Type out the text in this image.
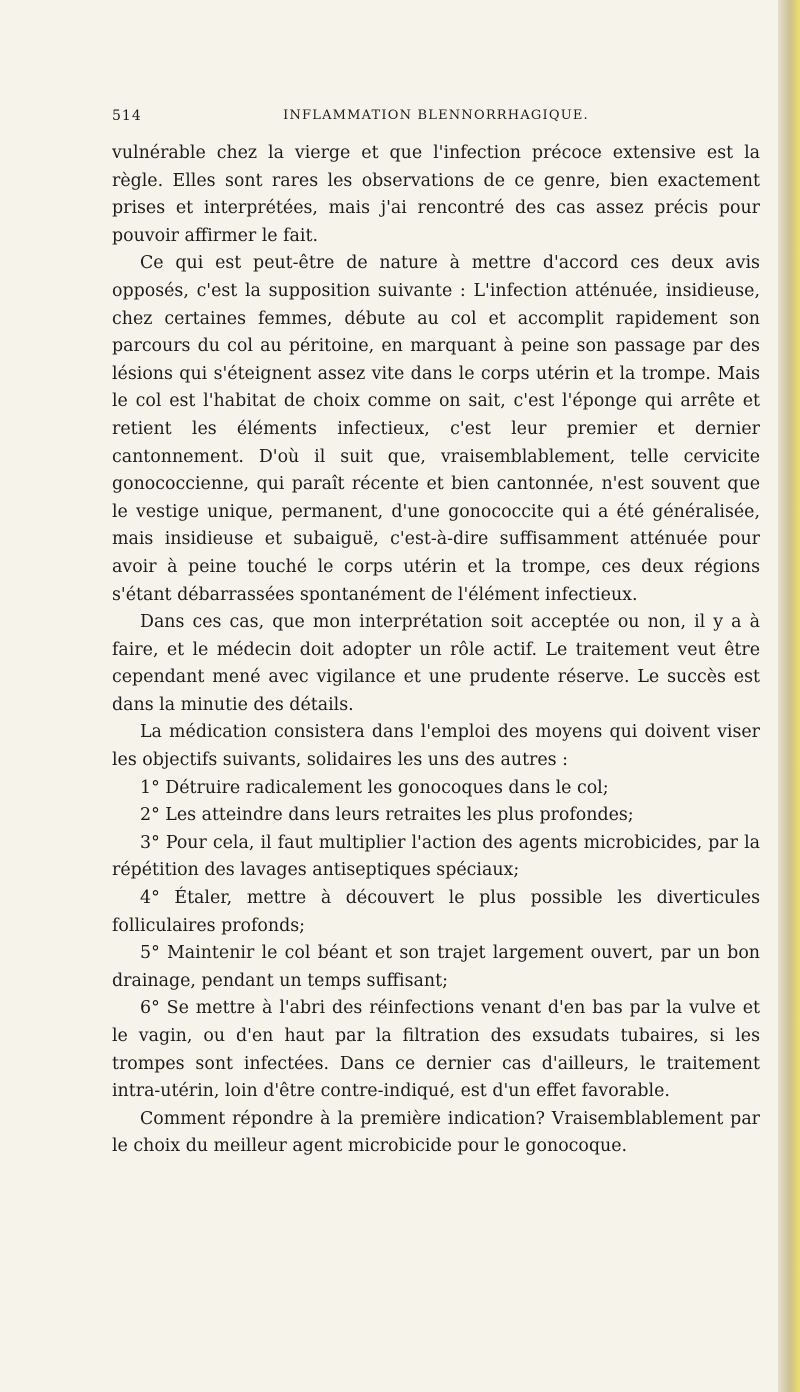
514	INFLAMMATION BLENNORRHAGIQUE.

vulnérable chez la vierge et que l'infection précoce extensive est la règle. Elles sont rares les observations de ce genre, bien exactement prises et interprétées, mais j'ai rencontré des cas assez précis pour pouvoir affirmer le fait.

Ce qui est peut-être de nature à mettre d'accord ces deux avis opposés, c'est la supposition suivante : L'infection atténuée, insidieuse, chez certaines femmes, débute au col et accomplit rapidement son parcours du col au péritoine, en marquant à peine son passage par des lésions qui s'éteignent assez vite dans le corps utérin et la trompe. Mais le col est l'habitat de choix comme on sait, c'est l'éponge qui arrête et retient les éléments infectieux, c'est leur premier et dernier cantonnement. D'où il suit que, vraisemblablement, telle cervicite gonococcienne, qui paraît récente et bien cantonnée, n'est souvent que le vestige unique, permanent, d'une gonococcite qui a été généralisée, mais insidieuse et subaiguë, c'est-à-dire suffisamment atténuée pour avoir à peine touché le corps utérin et la trompe, ces deux régions s'étant débarrassées spontanément de l'élément infectieux.

Dans ces cas, que mon interprétation soit acceptée ou non, il y a à faire, et le médecin doit adopter un rôle actif. Le traitement veut être cependant mené avec vigilance et une prudente réserve. Le succès est dans la minutie des détails.

La médication consistera dans l'emploi des moyens qui doivent viser les objectifs suivants, solidaires les uns des autres :

1° Détruire radicalement les gonocoques dans le col;

2° Les atteindre dans leurs retraites les plus profondes;

3° Pour cela, il faut multiplier l'action des agents microbicides, par la répétition des lavages antiseptiques spéciaux;

4° Étaler, mettre à découvert le plus possible les diverticules folliculaires profonds;

5° Maintenir le col béant et son trajet largement ouvert, par un bon drainage, pendant un temps suffisant;

6° Se mettre à l'abri des réinfections venant d'en bas par la vulve et le vagin, ou d'en haut par la filtration des exsudats tubaires, si les trompes sont infectées. Dans ce dernier cas d'ailleurs, le traitement intra-utérin, loin d'être contre-indiqué, est d'un effet favorable.

Comment répondre à la première indication? Vraisemblablement par le choix du meilleur agent microbicide pour le gonocoque.
